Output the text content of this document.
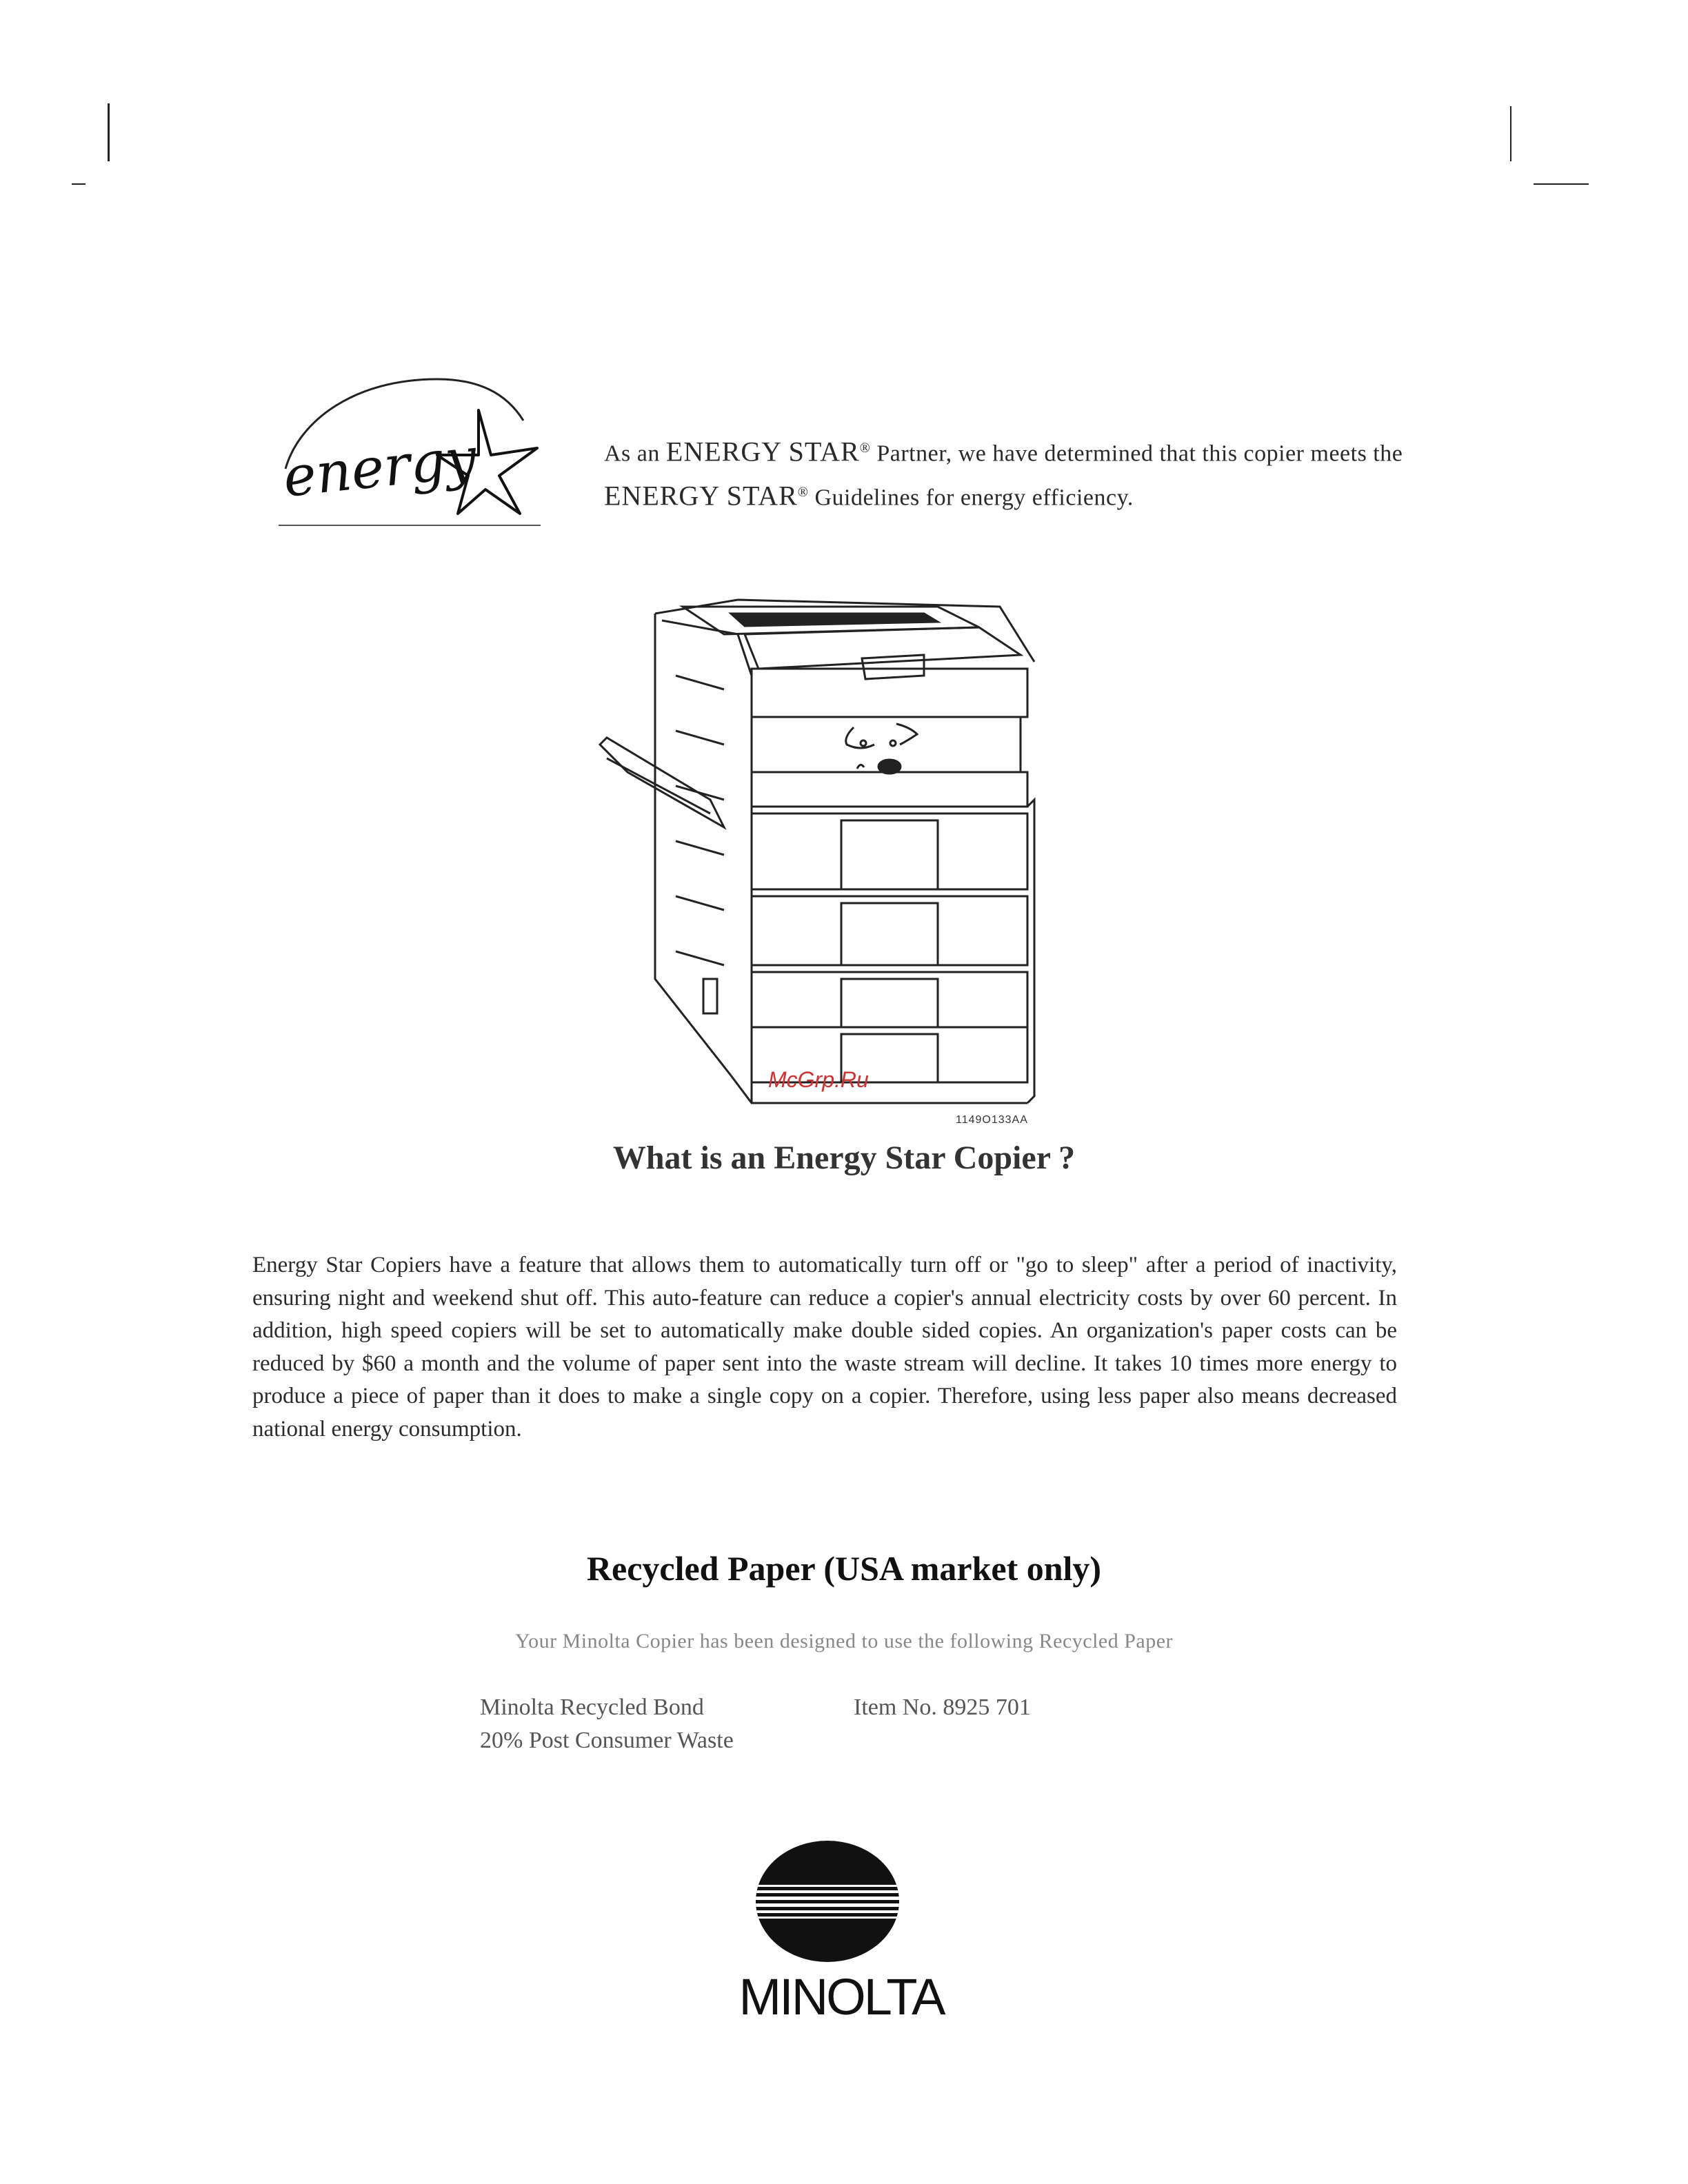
energy	As an ENERGY STAR® Partner, we have determined that this copier meets the ENERGY STAR® Guidelines for energy efficiency.
McGrp.Ru
1149O133AA
What is an Energy Star Copier ?
Energy Star Copiers have a feature that allows them to automatically turn off or "go to sleep" after a period of inactivity, ensuring night and weekend shut off. This auto-feature can reduce a copier's annual electricity costs by over 60 percent. In addition, high speed copiers will be set to automatically make double sided copies. An organization's paper costs can be reduced by $60 a month and the volume of paper sent into the waste stream will decline. It takes 10 times more energy to produce a piece of paper than it does to make a single copy on a copier. Therefore, using less paper also means decreased national energy consumption.
Recycled Paper (USA market only)
Your Minolta Copier has been designed to use the following Recycled Paper
Minolta Recycled Bond
20% Post Consumer Waste
Item No. 8925 701
MINOLTA
